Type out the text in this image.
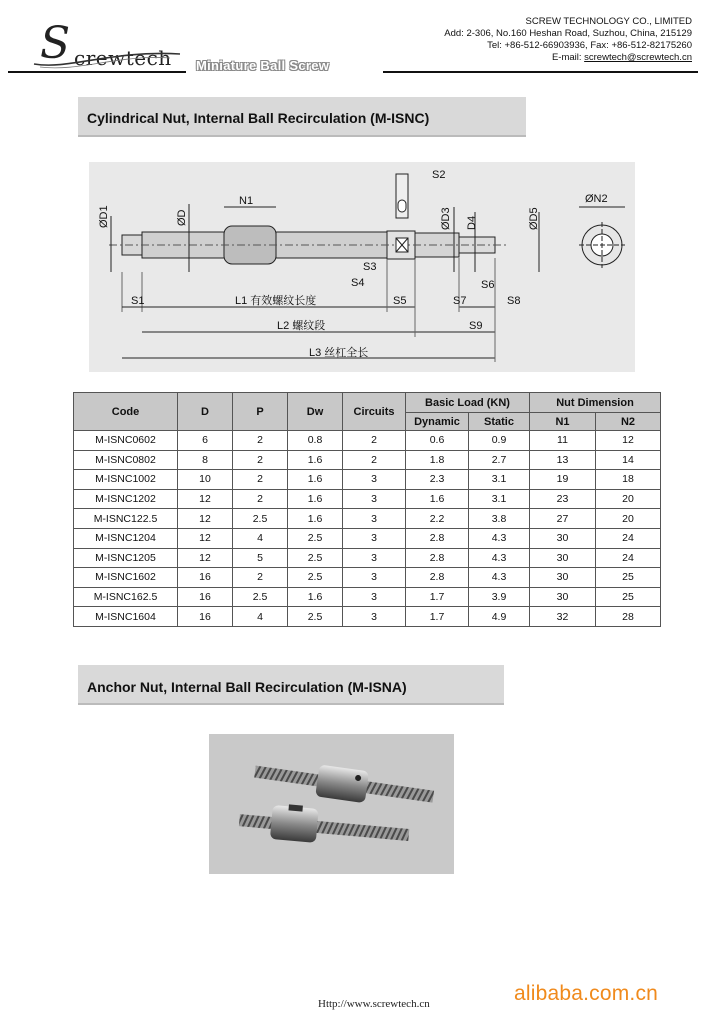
S crewtech Miniature Ball Screw
SCREW TECHNOLOGY CO., LIMITED
Add: 2-306, No.160 Heshan Road, Suzhou, China, 215129
Tel: +86-512-66903936, Fax: +86-512-82175260
E-mail: screwtech@screwtech.cn
Cylindrical Nut, Internal Ball Recirculation (M-ISNC)
ØD1	ØD
N1
S2
ØD3 D4	ØD5
ØN2
S3
S4	S6
S1	L1 有效螺纹长度	S5	S7	S8
L2 螺纹段	S9
L3 丝杠全长
Code	D	P	Dw	Circuits	Basic Load (KN)		Nut Dimension	
					Dynamic	Static	N1	N2
M-ISNC0602	6	2	0.8	2	0.6	0.9	11	12
M-ISNC0802	8	2	1.6	2	1.8	2.7	13	14
M-ISNC1002	10	2	1.6	3	2.3	3.1	19	18
M-ISNC1202	12	2	1.6	3	1.6	3.1	23	20
M-ISNC122.5	12	2.5	1.6	3	2.2	3.8	27	20
M-ISNC1204	12	4	2.5	3	2.8	4.3	30	24
M-ISNC1205	12	5	2.5	3	2.8	4.3	30	24
M-ISNC1602	16	2	2.5	3	2.8	4.3	30	25
M-ISNC162.5	16	2.5	1.6	3	1.7	3.9	30	25
M-ISNC1604	16	4	2.5	3	1.7	4.9	32	28
Anchor Nut, Internal Ball Recirculation (M-ISNA)
Http://www.screwtech.cn	alibaba.com.cn
